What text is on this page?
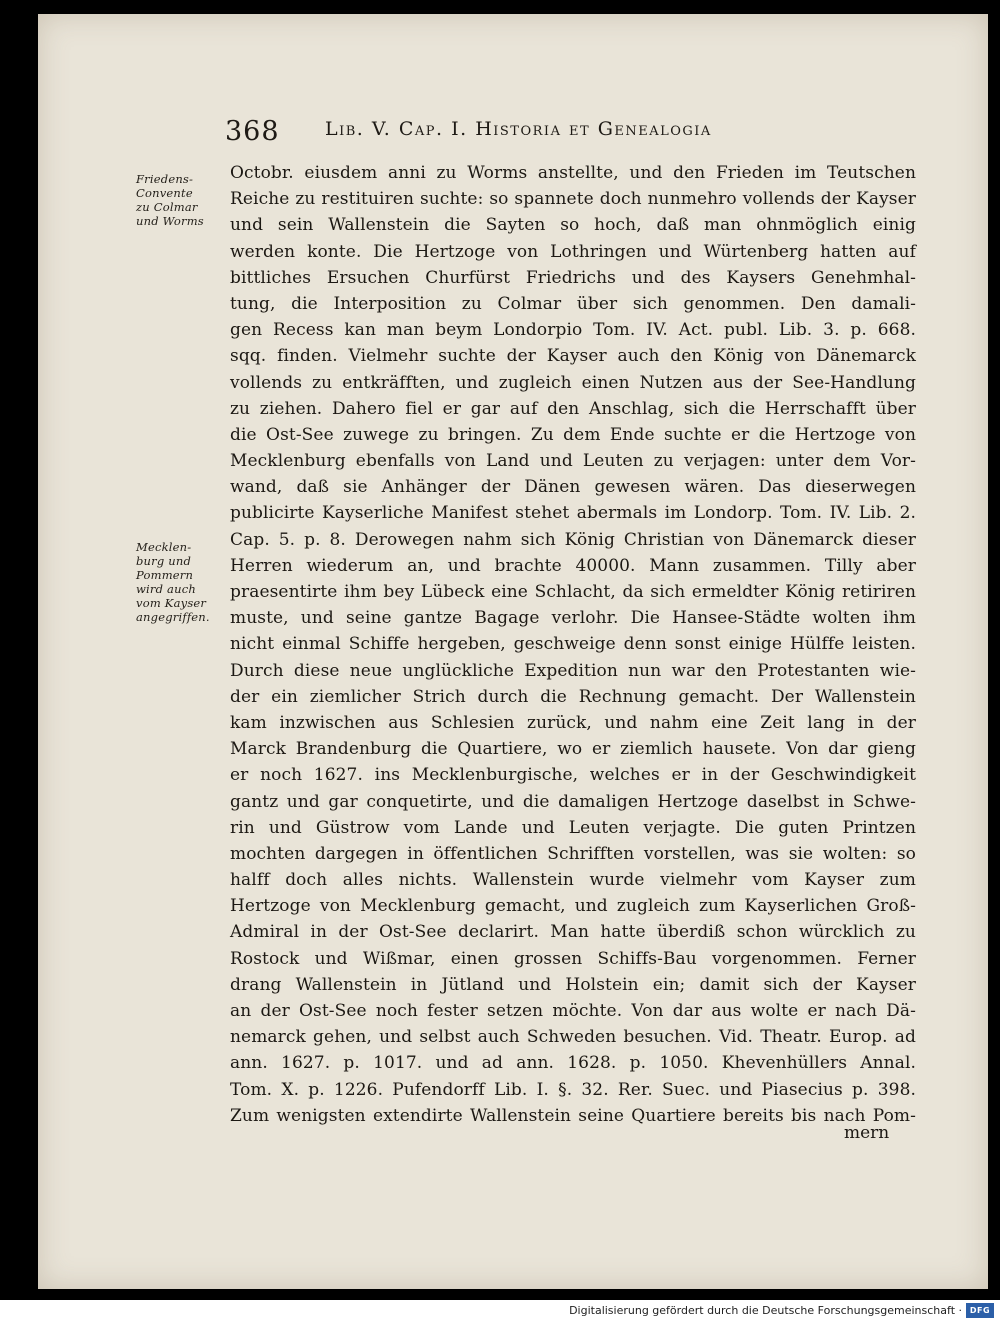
368 Lib. V. Cap. I. Historia et Genealogia
Friedens-
Convente
zu Colmar
und Worms
Mecklen-
burg und
Pommern
wird auch
vom Kayser
angegriffen.
Octobr. eiusdem anni zu Worms anstellte, und den Frieden im Teutschen
Reiche zu restituiren suchte: so spannete doch nunmehro vollends der Kayser
und sein Wallenstein die Sayten so hoch, daß man ohnmöglich einig
werden konte. Die Hertzoge von Lothringen und Würtenberg hatten auf
bittliches Ersuchen Churfürst Friedrichs und des Kaysers Genehmhal-
tung, die Interposition zu Colmar über sich genommen. Den damali-
gen Recess kan man beym Londorpio Tom. IV. Act. publ. Lib. 3. p. 668.
sqq. finden. Vielmehr suchte der Kayser auch den König von Dänemarck
vollends zu entkräfften, und zugleich einen Nutzen aus der See-Handlung
zu ziehen. Dahero fiel er gar auf den Anschlag, sich die Herrschafft über
die Ost-See zuwege zu bringen. Zu dem Ende suchte er die Hertzoge von
Mecklenburg ebenfalls von Land und Leuten zu verjagen: unter dem Vor-
wand, daß sie Anhänger der Dänen gewesen wären. Das dieserwegen
publicirte Kayserliche Manifest stehet abermals im Londorp. Tom. IV. Lib. 2.
Cap. 5. p. 8. Derowegen nahm sich König Christian von Dänemarck dieser
Herren wiederum an, und brachte 40000. Mann zusammen. Tilly aber
praesentirte ihm bey Lübeck eine Schlacht, da sich ermeldter König retiriren
muste, und seine gantze Bagage verlohr. Die Hansee-Städte wolten ihm
nicht einmal Schiffe hergeben, geschweige denn sonst einige Hülffe leisten.
Durch diese neue unglückliche Expedition nun war den Protestanten wie-
der ein ziemlicher Strich durch die Rechnung gemacht. Der Wallenstein
kam inzwischen aus Schlesien zurück, und nahm eine Zeit lang in der
Marck Brandenburg die Quartiere, wo er ziemlich hausete. Von dar gieng
er noch 1627. ins Mecklenburgische, welches er in der Geschwindigkeit
gantz und gar conquetirte, und die damaligen Hertzoge daselbst in Schwe-
rin und Güstrow vom Lande und Leuten verjagte. Die guten Printzen
mochten dargegen in öffentlichen Schrifften vorstellen, was sie wolten: so
halff doch alles nichts. Wallenstein wurde vielmehr vom Kayser zum
Hertzoge von Mecklenburg gemacht, und zugleich zum Kayserlichen Groß-
Admiral in der Ost-See declarirt. Man hatte überdiß schon würcklich zu
Rostock und Wißmar, einen grossen Schiffs-Bau vorgenommen. Ferner
drang Wallenstein in Jütland und Holstein ein; damit sich der Kayser
an der Ost-See noch fester setzen möchte. Von dar aus wolte er nach Dä-
nemarck gehen, und selbst auch Schweden besuchen. Vid. Theatr. Europ. ad
ann. 1627. p. 1017. und ad ann. 1628. p. 1050. Khevenhüllers Annal.
Tom. X. p. 1226. Pufendorff Lib. I. §. 32. Rer. Suec. und Piasecius p. 398.
Zum wenigsten extendirte Wallenstein seine Quartiere bereits bis nach Pom-
mern
Digitalisierung gefördert durch die Deutsche Forschungsgemeinschaft · DFG
